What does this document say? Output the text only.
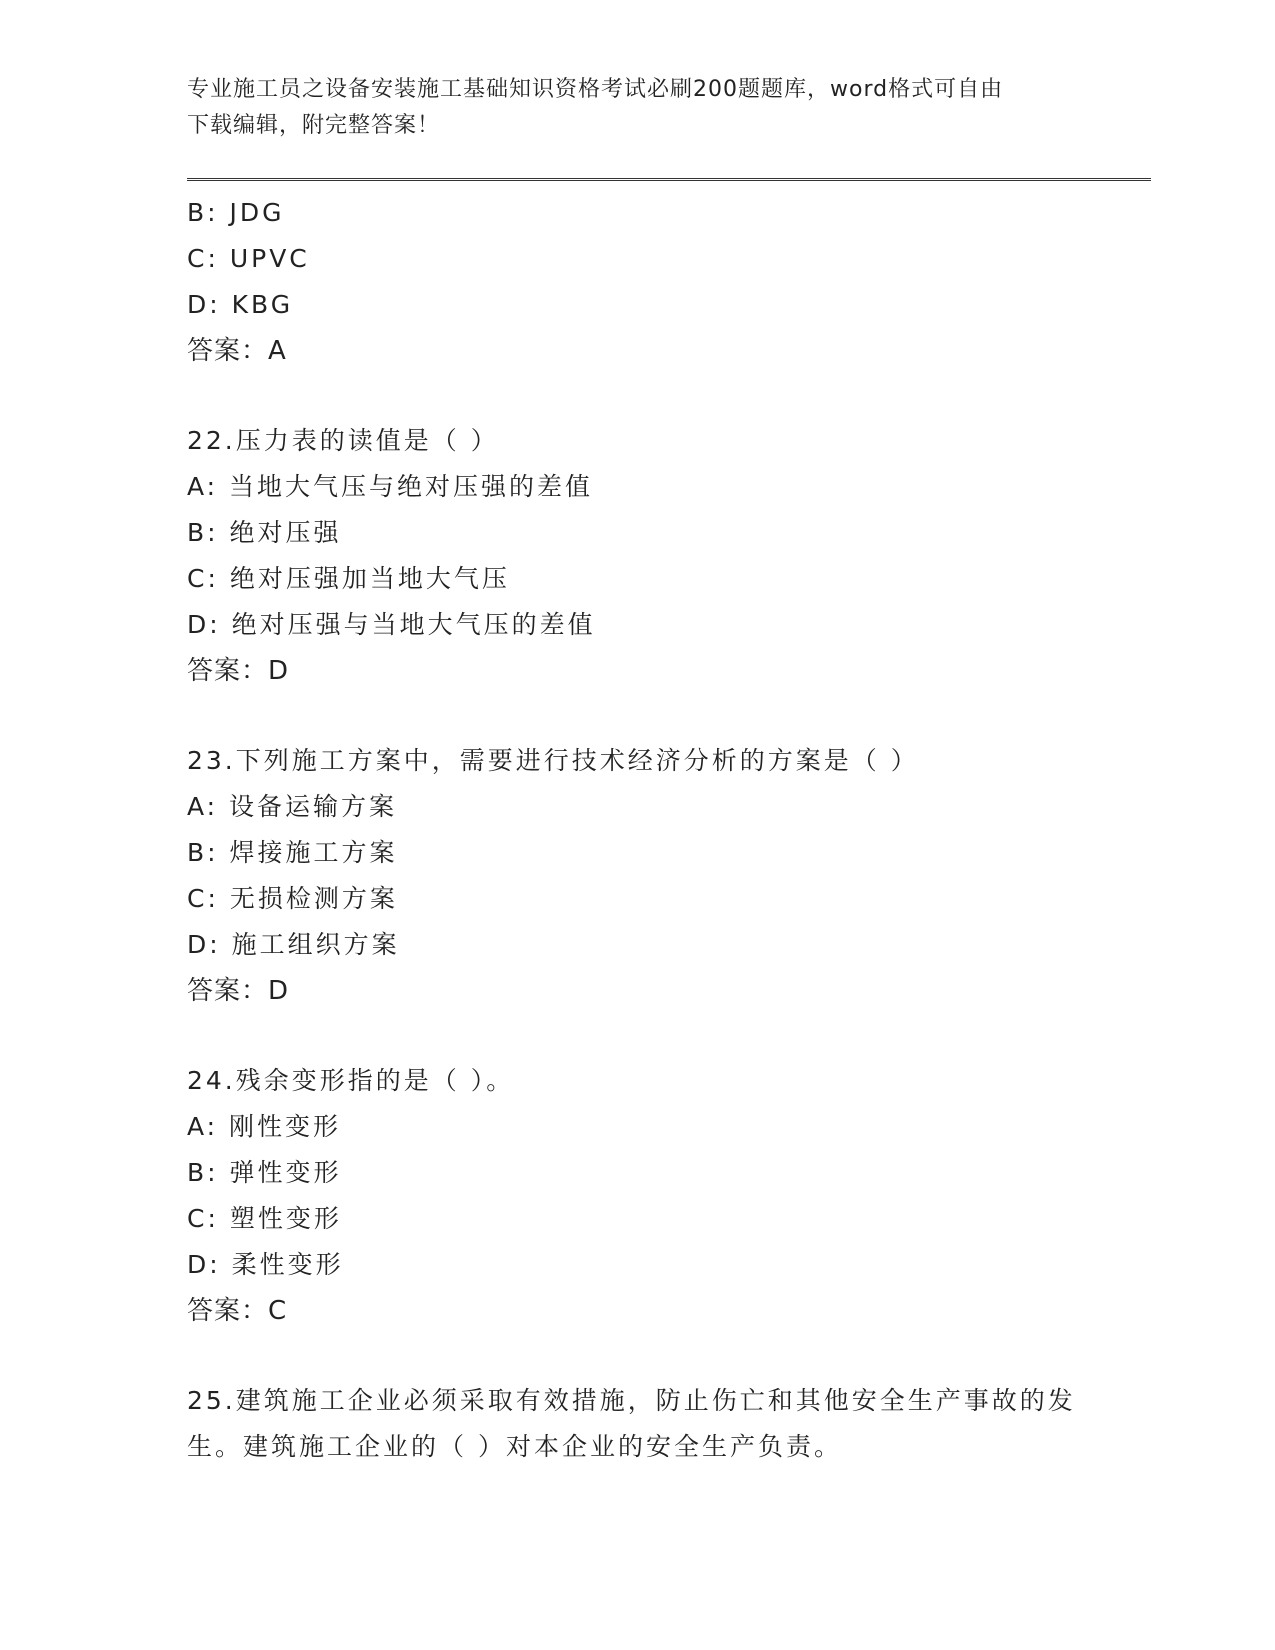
专业施工员之设备安装施工基础知识资格考试必刷200题题库，word格式可自由
下载编辑，附完整答案！
B: JDG
C: UPVC
D: KBG
答案：A
22.压力表的读值是（ ）
A: 当地大气压与绝对压强的差值
B: 绝对压强
C: 绝对压强加当地大气压
D: 绝对压强与当地大气压的差值
答案：D
23.下列施工方案中，需要进行技术经济分析的方案是（ ）
A: 设备运输方案
B: 焊接施工方案
C: 无损检测方案
D: 施工组织方案
答案：D
24.残余变形指的是（ ）。
A: 刚性变形
B: 弹性变形
C: 塑性变形
D: 柔性变形
答案：C
25.建筑施工企业必须采取有效措施，防止伤亡和其他安全生产事故的发生。建筑施工企业的（ ）对本企业的安全生产负责。
